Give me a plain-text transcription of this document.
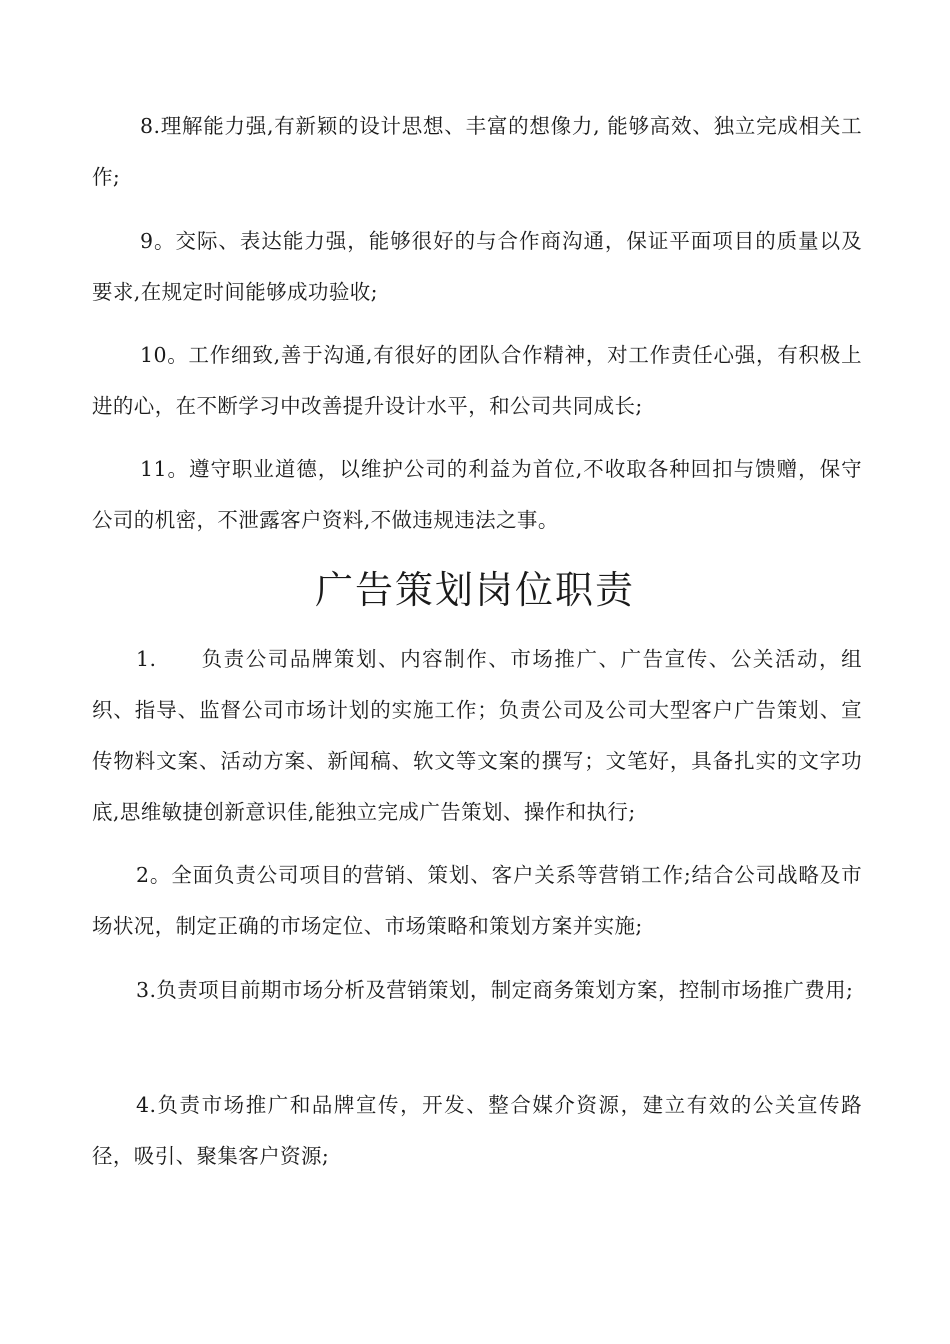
8.理解能力强,有新颖的设计思想、丰富的想像力, 能够高效、独立完成相关工作;

9。交际、表达能力强，能够很好的与合作商沟通，保证平面项目的质量以及要求,在规定时间能够成功验收;

10。工作细致,善于沟通,有很好的团队合作精神，对工作责任心强，有积极上进的心，在不断学习中改善提升设计水平，和公司共同成长;

11。遵守职业道德，以维护公司的利益为首位,不收取各种回扣与馈赠，保守公司的机密，不泄露客户资料,不做违规违法之事。

广告策划岗位职责

1.　　负责公司品牌策划、内容制作、市场推广、广告宣传、公关活动，组织、指导、监督公司市场计划的实施工作；负责公司及公司大型客户广告策划、宣传物料文案、活动方案、新闻稿、软文等文案的撰写；文笔好，具备扎实的文字功底,思维敏捷创新意识佳,能独立完成广告策划、操作和执行;

2。全面负责公司项目的营销、策划、客户关系等营销工作;结合公司战略及市场状况，制定正确的市场定位、市场策略和策划方案并实施;

3.负责项目前期市场分析及营销策划，制定商务策划方案，控制市场推广费用;

4.负责市场推广和品牌宣传，开发、整合媒介资源，建立有效的公关宣传路径，吸引、聚集客户资源;
